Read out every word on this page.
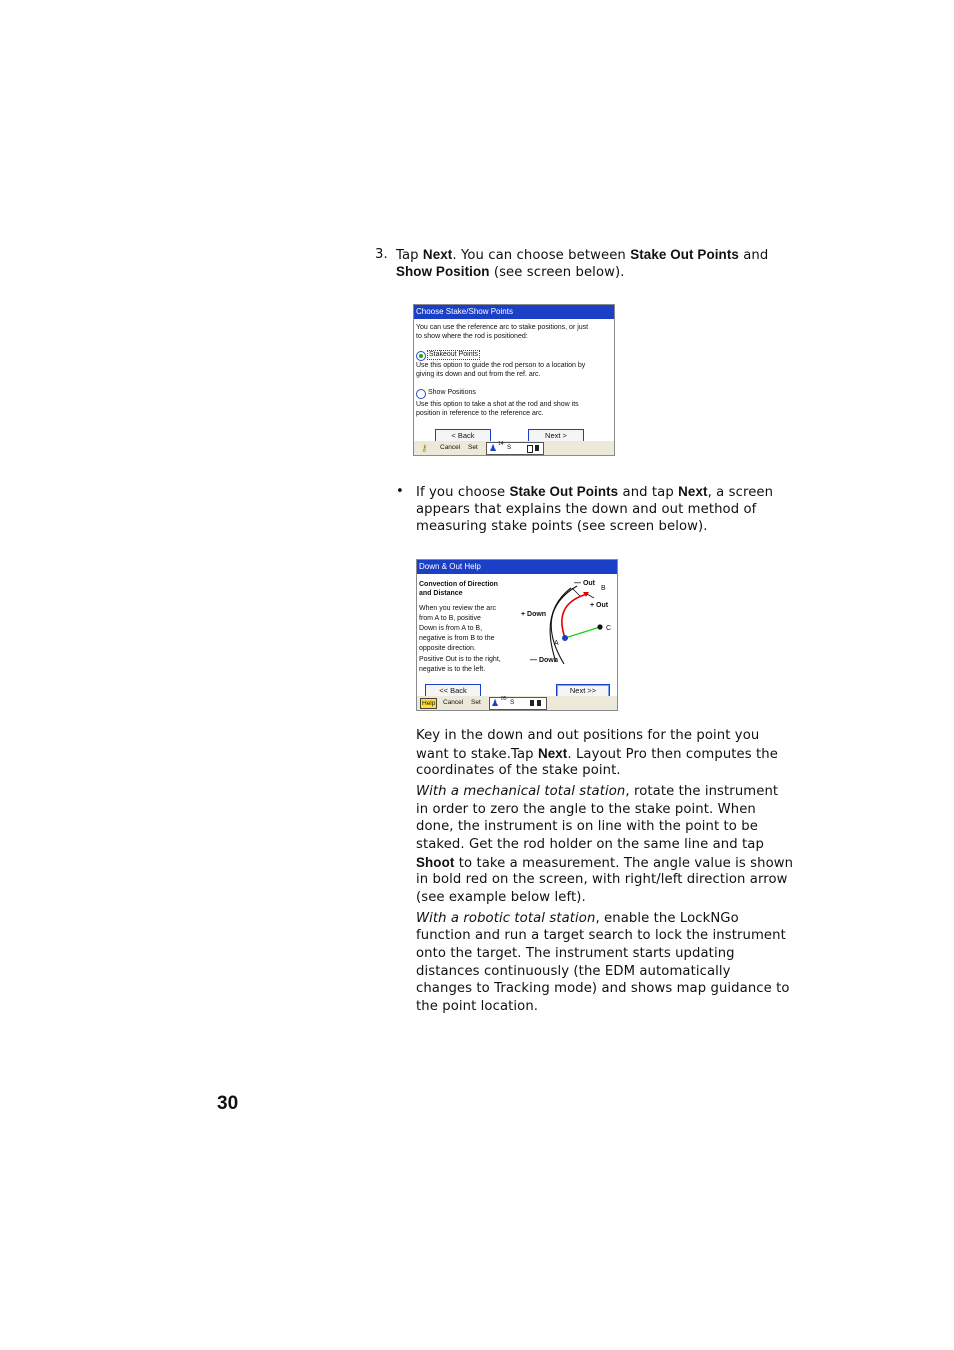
3. Tap Next. You can choose between Stake Out Points and
Show Position (see screen below).
Choose Stake/Show Points
You can use the reference arc to stake positions, or just
to show where the rod is positioned:
Stakeout Points
Use this option to guide the rod person to a location by
giving its down and out from the ref. arc.
Show Positions
Use this option to take a shot at the rod and show its
position in reference to the reference arc.
< Back	Next >
⚷ Cancel Set ♟ 14 S
• If you choose Stake Out Points and tap Next, a screen
appears that explains the down and out method of
measuring stake points (see screen below).
Down & Out Help
Convection of Direction
and Distance
When you review the arc
from A to B, positive
Down is from A to B,
negative is from B to the
opposite direction.
Positive Out is to the right,
negative is to the left.
— Out
B
+ Out
+ Down
C
A
— Down
<< Back	Next >>
Help	Cancel Set ♟ 05 S
Key in the down and out positions for the point you
want to stake.Tap Next. Layout Pro then computes the
coordinates of the stake point.
With a mechanical total station, rotate the instrument
in order to zero the angle to the stake point. When
done, the instrument is on line with the point to be
staked. Get the rod holder on the same line and tap
Shoot to take a measurement. The angle value is shown
in bold red on the screen, with right/left direction arrow
(see example below left).
With a robotic total station, enable the LockNGo
function and run a target search to lock the instrument
onto the target. The instrument starts updating
distances continuously (the EDM automatically
changes to Tracking mode) and shows map guidance to
the point location.
30
